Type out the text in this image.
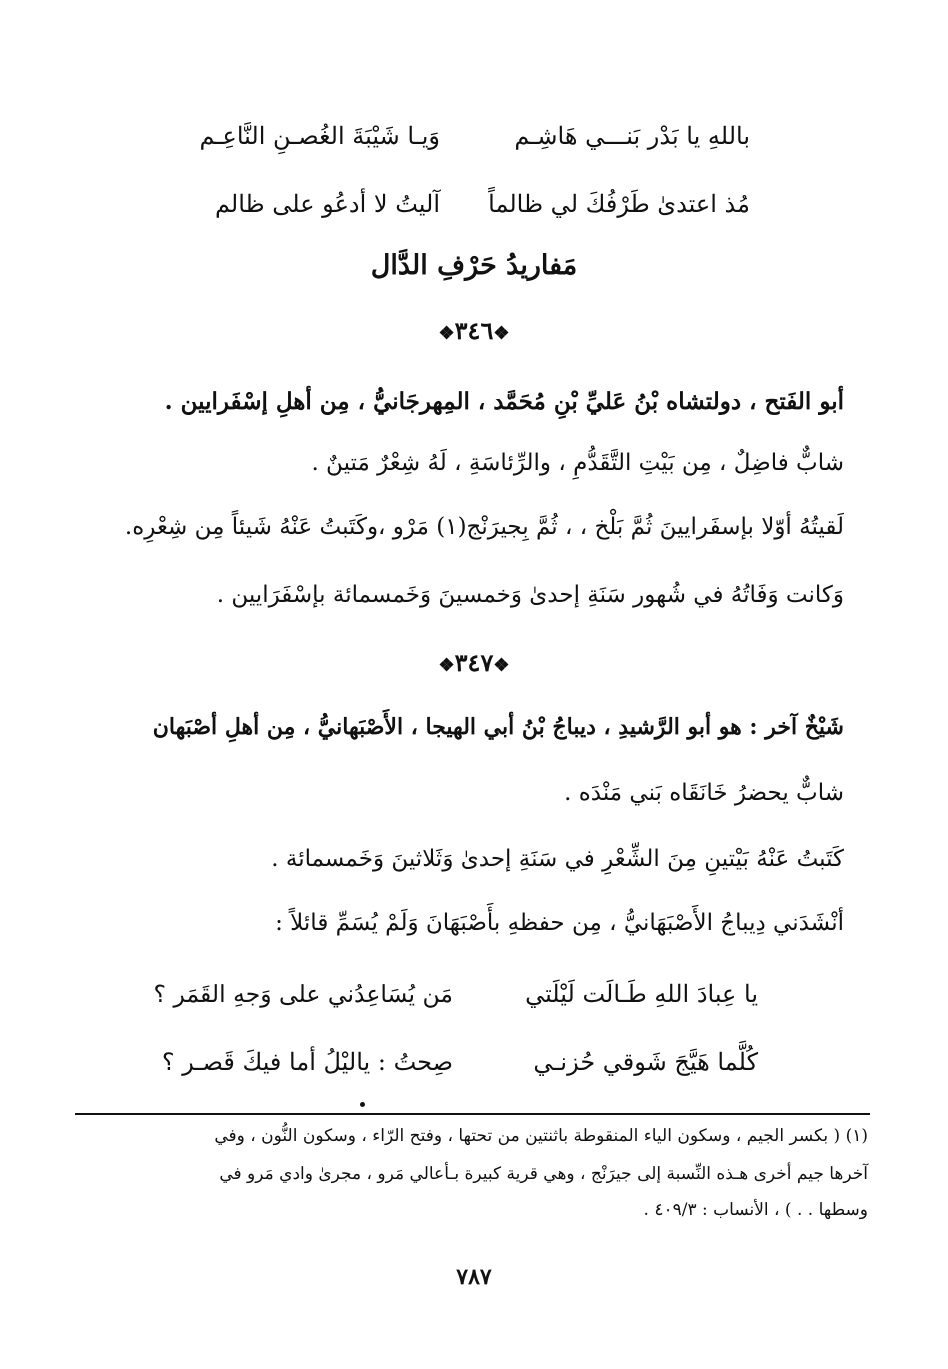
باللهِ يا بَدْر بَنـــي هَاشِـم
وَيـا شَيْبَةَ الغُصـنِ النَّاعِـم
مُذ اعتدىٰ طَرْفُكَ لي ظالماً
آليتُ لا أدعُو على ظالم
مَفاريدُ حَرْفِ الدَّال
❖٣٤٦❖
أبو الفَتح ، دولتشاه بْنُ عَليِّ بْنِ مُحَمَّد ، المِهرجَانيُّ ، مِن أهلِ إسْفَرايين .
شابٌّ فاضِلٌ ، مِن بَيْتِ التَّقَدُّمِ ، والرِّئاسَةِ ، لَهُ شِعْرٌ مَتينٌ .
لَقيتُهُ أوّلا بإسفَرايينَ ثُمَّ بَلْخ ، ، ثُمَّ بِجيرَنْج(١) مَرْو ،وكَتَبتُ عَنْهُ شَيئاً مِن شِعْرِه.
وَكانت وَفَاتُهُ في شُهور سَنَةِ إحدىٰ وَخمسينَ وَخَمسمائة بإسْفَرَايين .
❖٣٤٧❖
شَيْخٌ آخر : هو أبو الرَّشيدِ ، ديباجُ بْنُ أبي الهيجا ، الأَصْبَهانيُّ ، مِن أهلِ أصْبَهان
شابٌّ يحضرُ خَانَقَاه بَني مَنْدَه .
كَتَبتُ عَنْهُ بَيْتينِ مِنَ الشِّعْرِ في سَنَةِ إحدىٰ وَثَلاثينَ وَخَمسمائة .
أنْشَدَني دِيباجُ الأَصْبَهَانيُّ ، مِن حفظهِ بأَصْبَهَانَ وَلَمْ يُسَمِّ قائلاً :
يا عِبادَ اللهِ طَـالَت لَيْلَتي
مَن يُسَاعِدُني على وَجهِ القَمَر ؟
كُلَّما هَيَّجَ شَوقي حُزنـي
صِحتُ : ياليْلُ أما فيكَ قَصـر ؟
(١) ( بكسر الجيم ، وسكون الياء المنقوطة باثنتين من تحتها ، وفتح الرّاء ، وسكون النُّون ، وفي
آخرها جيم أخرى هـذه النِّسبة إلى جيرَنْج ، وهي قرية كبيرة بـأعالي مَرو ، مجرىٰ وادي مَرو في
وسطها . . ) ، الأنساب : ٤٠٩/٣ .
٧٨٧
